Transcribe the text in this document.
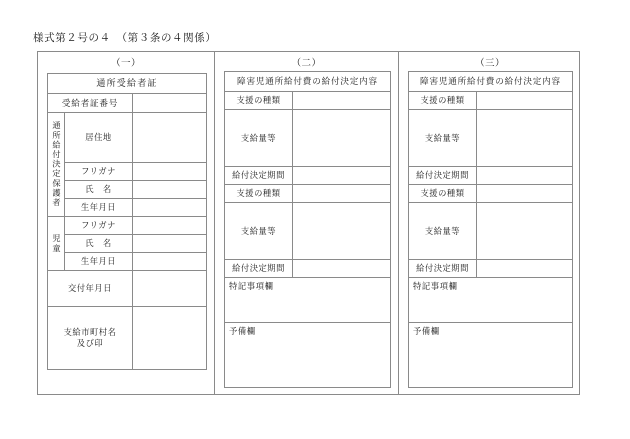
様式第２号の４　（第３条の４関係）
（一）
通所受給者証		
受給者証番号		
通所給付決定保護者	居住地	
	フリガナ	
	氏　名	
	生年月日	
児童	フリガナ	
	氏　名	
	生年月日	
交付年月日		
支給市町村名
及び印		
（二）
障害児通所給付費の給付決定内容	
支援の種類	
支給量等	
給付決定期間	
支援の種類	
支給量等	
給付決定期間	
特記事項欄	
予備欄	
（三）
障害児通所給付費の給付決定内容	
支援の種類	
支給量等	
給付決定期間	
支援の種類	
支給量等	
給付決定期間	
特記事項欄	
予備欄	
